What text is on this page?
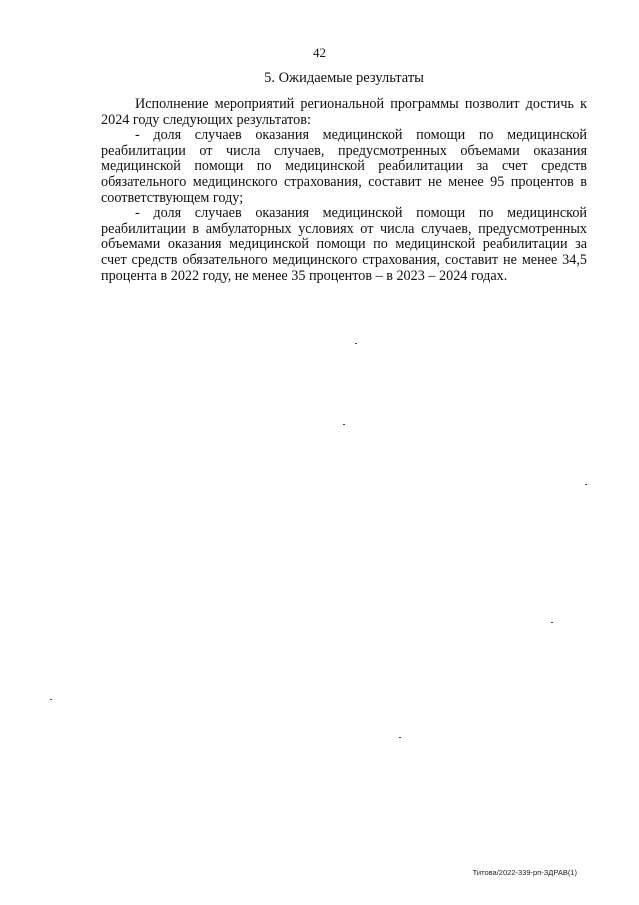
42
5. Ожидаемые результаты

Исполнение мероприятий региональной программы позволит достичь к 2024 году следующих результатов:

- доля случаев оказания медицинской помощи по медицинской реабилитации от числа случаев, предусмотренных объемами оказания медицинской помощи по медицинской реабилитации за счет средств обязательного медицинского страхования, составит не менее 95 процентов в соответствующем году;

- доля случаев оказания медицинской помощи по медицинской реабилитации в амбулаторных условиях от числа случаев, предусмотренных объемами оказания медицинской помощи по медицинской реабилитации за счет средств обязательного медицинского страхования, составит не менее 34,5 процента в 2022 году, не менее 35 процентов – в 2023 – 2024 годах.

Титова/2022-339-рп-ЗДРАВ(1)
